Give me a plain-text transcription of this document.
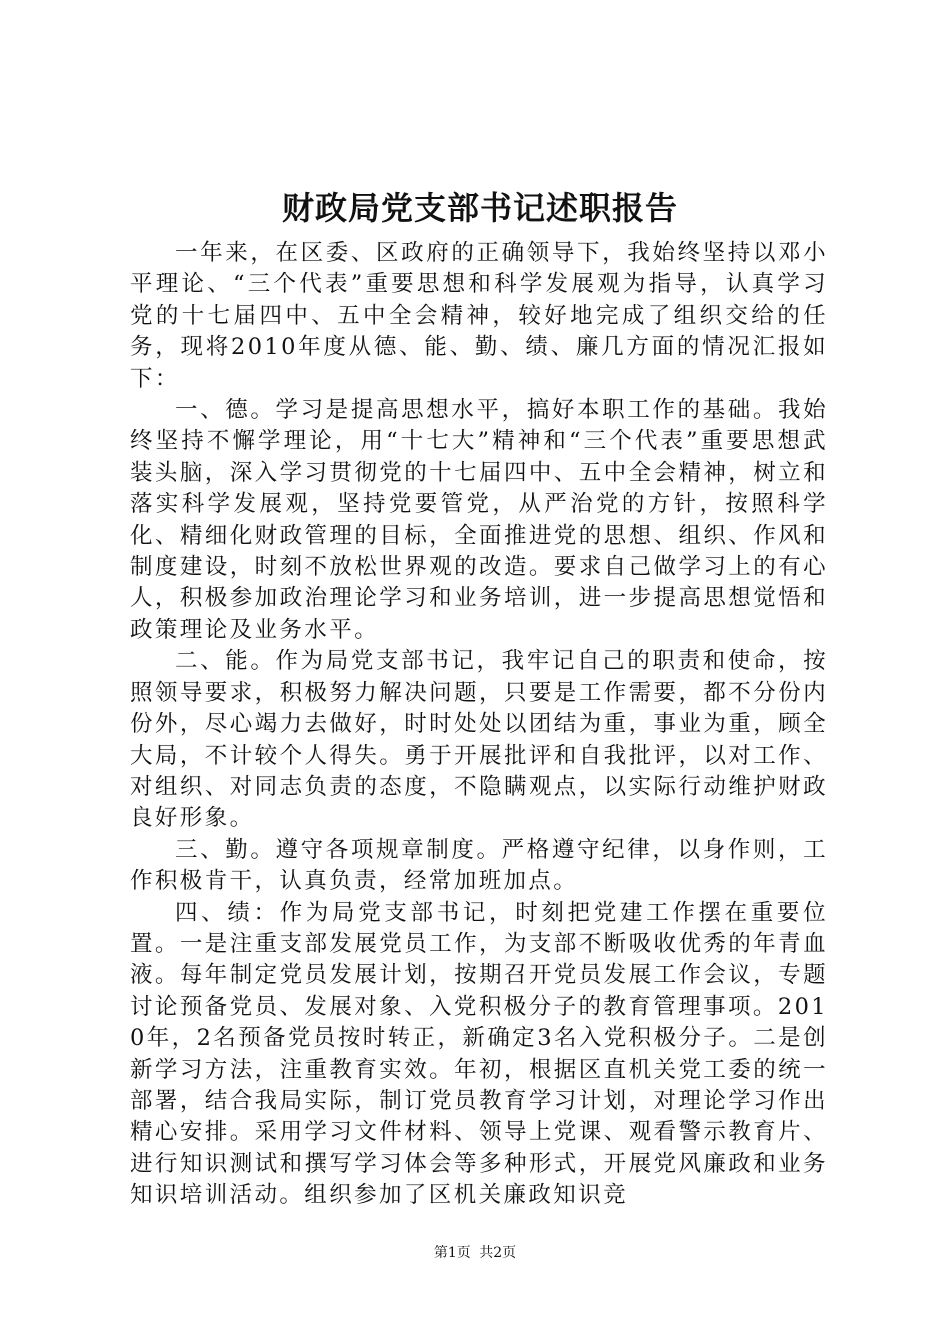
财政局党支部书记述职报告

一年来，在区委、区政府的正确领导下，我始终坚持以邓小平理论、“三个代表”重要思想和科学发展观为指导，认真学习党的十七届四中、五中全会精神，较好地完成了组织交给的任务，现将2010年度从德、能、勤、绩、廉几方面的情况汇报如下：

一、德。学习是提高思想水平，搞好本职工作的基础。我始终坚持不懈学理论，用“十七大”精神和“三个代表”重要思想武装头脑，深入学习贯彻党的十七届四中、五中全会精神，树立和落实科学发展观，坚持党要管党，从严治党的方针，按照科学化、精细化财政管理的目标，全面推进党的思想、组织、作风和制度建设，时刻不放松世界观的改造。要求自己做学习上的有心人，积极参加政治理论学习和业务培训，进一步提高思想觉悟和政策理论及业务水平。

二、能。作为局党支部书记，我牢记自己的职责和使命，按照领导要求，积极努力解决问题，只要是工作需要，都不分份内份外，尽心竭力去做好，时时处处以团结为重，事业为重，顾全大局，不计较个人得失。勇于开展批评和自我批评，以对工作、对组织、对同志负责的态度，不隐瞒观点，以实际行动维护财政良好形象。

三、勤。遵守各项规章制度。严格遵守纪律，以身作则，工作积极肯干，认真负责，经常加班加点。

四、绩：作为局党支部书记，时刻把党建工作摆在重要位置。一是注重支部发展党员工作，为支部不断吸收优秀的年青血液。每年制定党员发展计划，按期召开党员发展工作会议，专题讨论预备党员、发展对象、入党积极分子的教育管理事项。2010年，2名预备党员按时转正，新确定3名入党积极分子。二是创新学习方法，注重教育实效。年初，根据区直机关党工委的统一部署，结合我局实际，制订党员教育学习计划，对理论学习作出精心安排。采用学习文件材料、领导上党课、观看警示教育片、进行知识测试和撰写学习体会等多种形式，开展党风廉政和业务知识培训活动。组织参加了区机关廉政知识竞

第1页 共2页
